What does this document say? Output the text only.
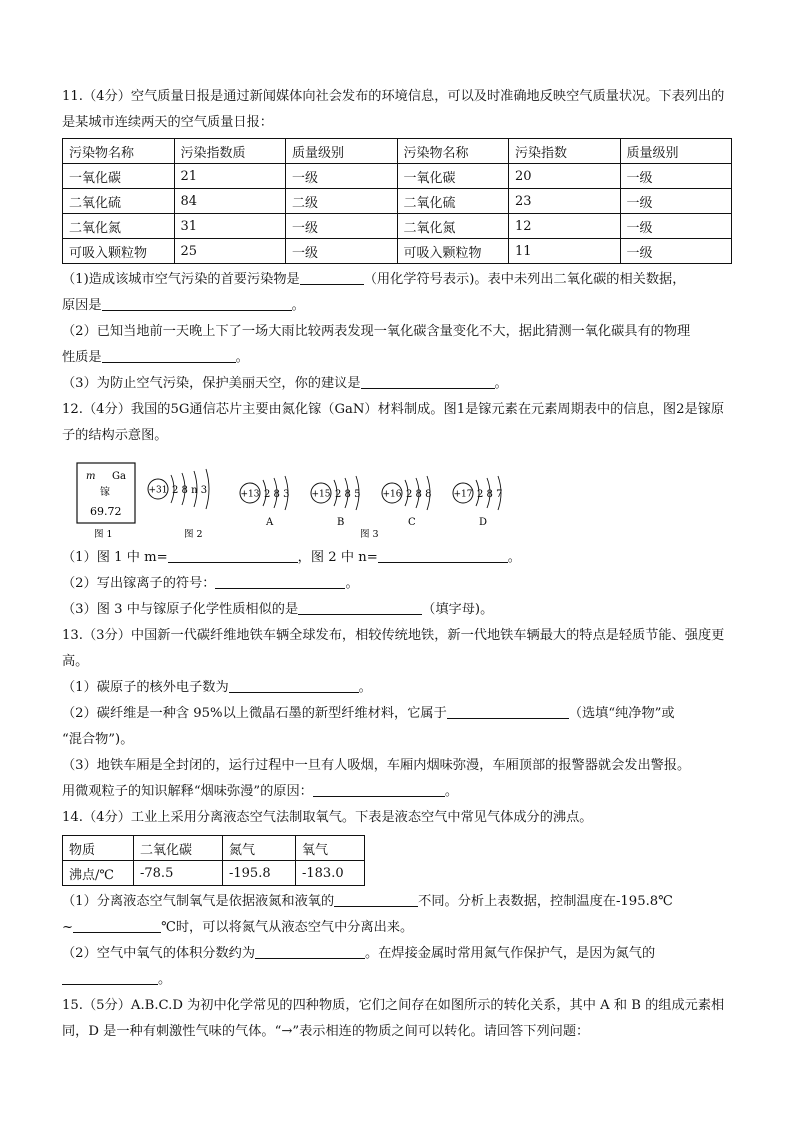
11.（4分）空气质量日报是通过新闻媒体向社会发布的环境信息，可以及时准确地反映空气质量状况。下表列出的是某城市连续两天的空气质量日报：

污染物名称	污染指数质	质量级别	污染物名称	污染指数	质量级别
一氧化碳	21	一级	一氧化碳	20	一级
二氧化硫	84	二级	二氧化硫	23	一级
二氧化氮	31	一级	二氧化氮	12	一级
可吸入颗粒物	25	一级	可吸入颗粒物	11	一级

（1)造成该城市空气污染的首要污染物是	（用化学符号表示)。表中未列出二氧化碳的相关数据，

原因是	。

（2）已知当地前一天晚上下了一场大雨比较两表发现一氧化碳含量变化不大，据此猜测一氧化碳具有的物理

性质是	。

（3）为防止空气污染，保护美丽天空，你的建议是	。

12.（4分）我国的5G通信芯片主要由氮化镓（GaN）材料制成。图1是镓元素在元素周期表中的信息，图2是镓原子的结构示意图。

m Ga
镓
69.72
图 1
+31 2 8 n 3
图 2
+13 2 8 3
A
+15 2 8 5
B
+16 2 8 8
C
+17 2 8 7
D
图 3

（1）图 1 中 m=	，图 2 中 n=	。

（2）写出镓离子的符号：	。

（3）图 3 中与镓原子化学性质相似的是	（填字母)。

13.（3分）中国新一代碳纤维地铁车辆全球发布，相较传统地铁，新一代地铁车辆最大的特点是轻质节能、强度更高。

（1）碳原子的核外电子数为	。

（2）碳纤维是一种含 95%以上微晶石墨的新型纤维材料，它属于	（选填“纯净物”或

“混合物”)。

（3）地铁车厢是全封闭的，运行过程中一旦有人吸烟，车厢内烟味弥漫，车厢顶部的报警器就会发出警报。

用微观粒子的知识解释“烟味弥漫”的原因：	。

14.（4分）工业上采用分离液态空气法制取氧气。下表是液态空气中常见气体成分的沸点。

物质	二氧化碳	氮气	氧气
沸点/℃	-78.5	-195.8	-183.0

（1）分离液态空气制氧气是依据液氮和液氧的	不同。分析上表数据，控制温度在-195.8℃

~	℃时，可以将氮气从液态空气中分离出来。

（2）空气中氧气的体积分数约为	。在焊接金属时常用氮气作保护气，是因为氮气的

。

15.（5分）A.B.C.D 为初中化学常见的四种物质，它们之间存在如图所示的转化关系，其中 A 和 B 的组成元素相同，D 是一种有刺激性气味的气体。“→”表示相连的物质之间可以转化。请回答下列问题：
